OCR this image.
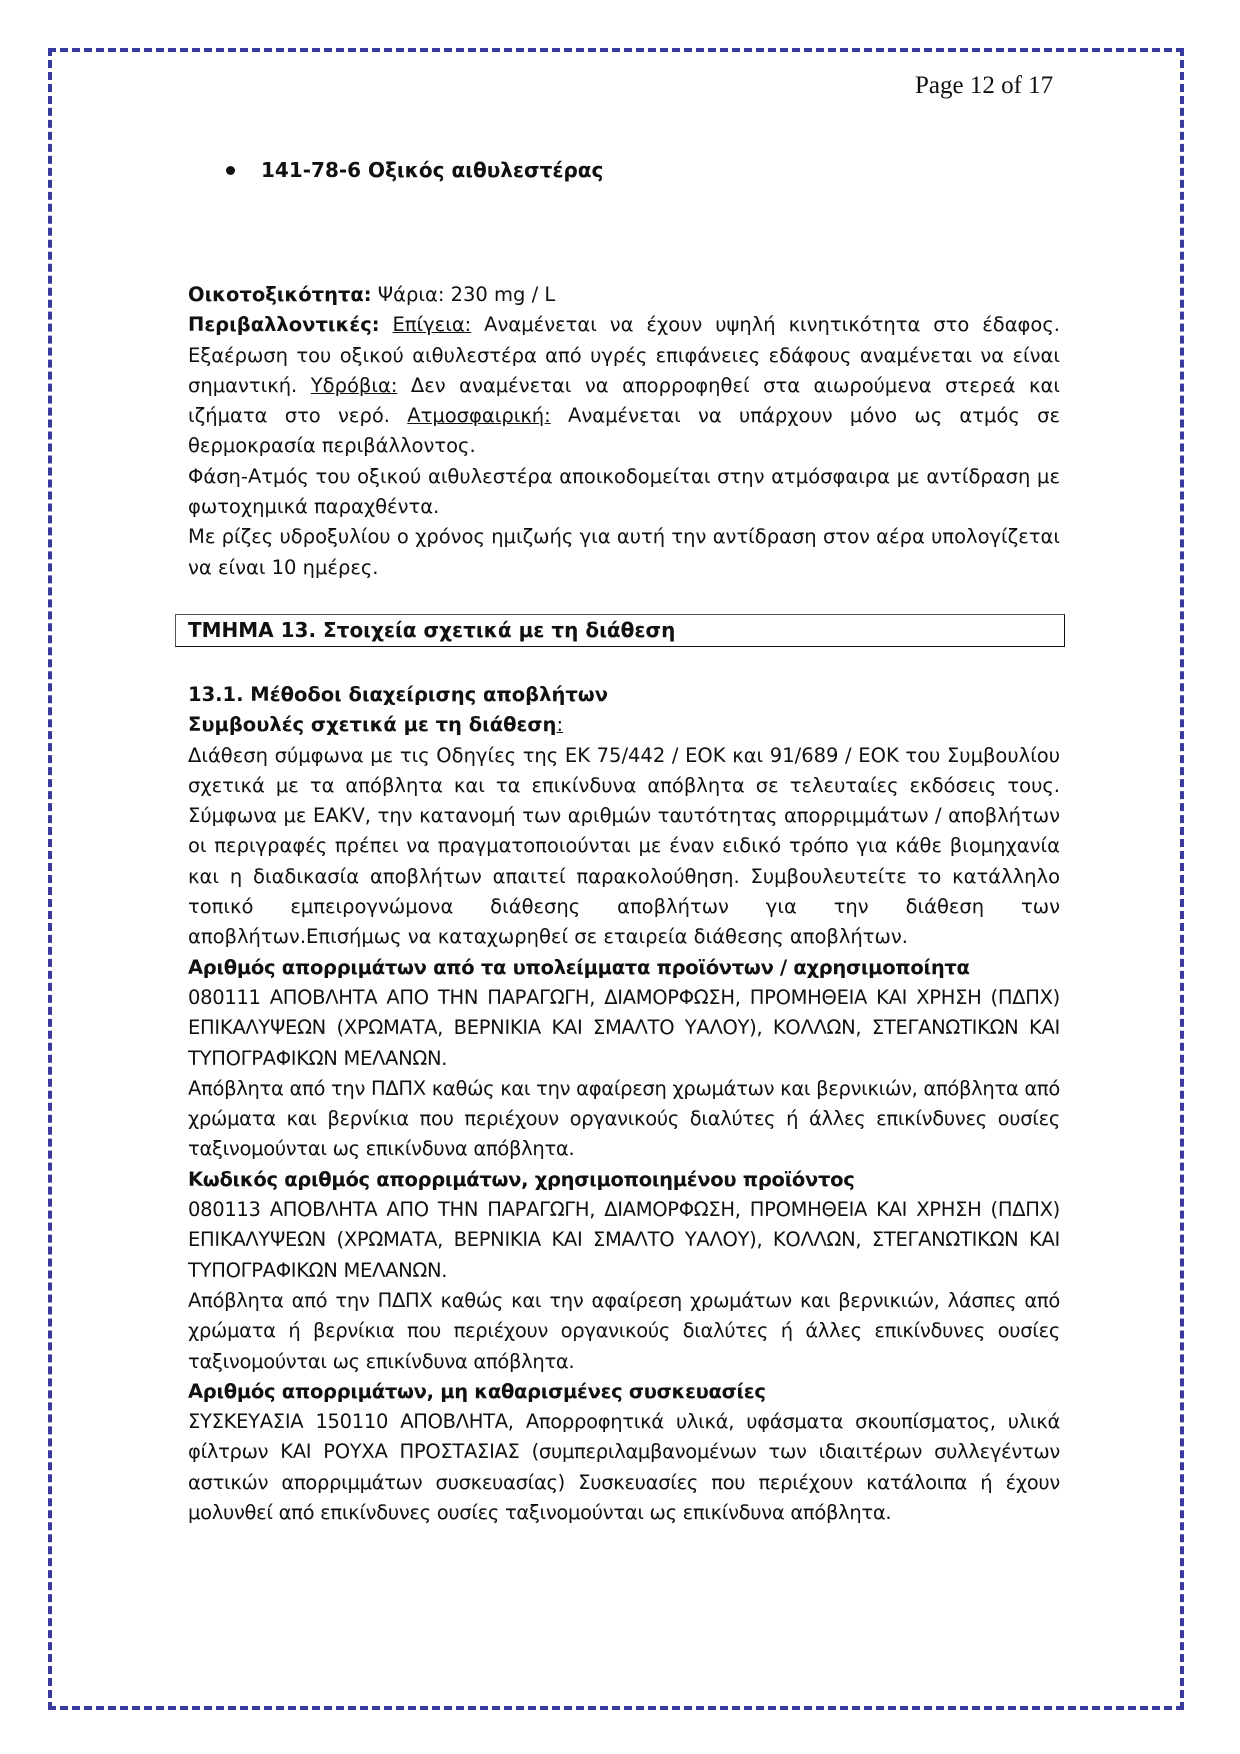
Page 12 of 17
141-78-6 Οξικός αιθυλεστέρας

Οικοτοξικότητα: Ψάρια: 230 mg / L

Περιβαλλοντικές: Επίγεια: Αναμένεται να έχουν υψηλή κινητικότητα στο έδαφος. Εξαέρωση του οξικού αιθυλεστέρα από υγρές επιφάνειες εδάφους αναμένεται να είναι σημαντική. Υδρόβια: Δεν αναμένεται να απορροφηθεί στα αιωρούμενα στερεά και ιζήματα στο νερό. Ατμοσφαιρική: Αναμένεται να υπάρχουν μόνο ως ατμός σε θερμοκρασία περιβάλλοντος.

Φάση-Ατμός του οξικού αιθυλεστέρα αποικοδομείται στην ατμόσφαιρα με αντίδραση με φωτοχημικά παραχθέντα.

Με ρίζες υδροξυλίου ο χρόνος ημιζωής για αυτή την αντίδραση στον αέρα υπολογίζεται να είναι 10 ημέρες.

ΤΜΗΜΑ 13. Στοιχεία σχετικά με τη διάθεση

13.1. Μέθοδοι διαχείρισης αποβλήτων

Συμβουλές σχετικά με τη διάθεση:

Διάθεση σύμφωνα με τις Οδηγίες της ΕΚ 75/442 / ΕΟΚ και 91/689 / ΕΟΚ του Συμβουλίου σχετικά με τα απόβλητα και τα επικίνδυνα απόβλητα σε τελευταίες εκδόσεις τους. Σύμφωνα με EAKV, την κατανομή των αριθμών ταυτότητας απορριμμάτων / αποβλήτων οι περιγραφές πρέπει να πραγματοποιούνται με έναν ειδικό τρόπο για κάθε βιομηχανία και η διαδικασία αποβλήτων απαιτεί παρακολούθηση. Συμβουλευτείτε το κατάλληλο τοπικό εμπειρογνώμονα διάθεσης αποβλήτων για την διάθεση των αποβλήτων.Επισήμως να καταχωρηθεί σε εταιρεία διάθεσης αποβλήτων.

Αριθμός απορριμάτων από τα υπολείμματα προϊόντων / αχρησιμοποίητα

080111 ΑΠΟΒΛΗΤΑ ΑΠΟ ΤΗΝ ΠΑΡΑΓΩΓΗ, ΔΙΑΜΟΡΦΩΣΗ, ΠΡΟΜΗΘΕΙΑ ΚΑΙ ΧΡΗΣΗ (ΠΔΠΧ) ΕΠΙΚΑΛΥΨΕΩΝ (ΧΡΩΜΑΤΑ, ΒΕΡΝΙΚΙΑ ΚΑΙ ΣΜΑΛΤΟ ΥΑΛΟΥ), ΚΟΛΛΩΝ, ΣΤΕΓΑΝΩΤΙΚΩΝ ΚΑΙ ΤΥΠΟΓΡΑΦΙΚΩΝ ΜΕΛΑΝΩΝ.

Απόβλητα από την ΠΔΠΧ καθώς και την αφαίρεση χρωμάτων και βερνικιών, απόβλητα από χρώματα και βερνίκια που περιέχουν οργανικούς διαλύτες ή άλλες επικίνδυνες ουσίες ταξινομούνται ως επικίνδυνα απόβλητα.

Κωδικός αριθμός απορριμάτων, χρησιμοποιημένου προϊόντος

080113 ΑΠΟΒΛΗΤΑ ΑΠΟ ΤΗΝ ΠΑΡΑΓΩΓΗ, ΔΙΑΜΟΡΦΩΣΗ, ΠΡΟΜΗΘΕΙΑ ΚΑΙ ΧΡΗΣΗ (ΠΔΠΧ) ΕΠΙΚΑΛΥΨΕΩΝ (ΧΡΩΜΑΤΑ, ΒΕΡΝΙΚΙΑ ΚΑΙ ΣΜΑΛΤΟ ΥΑΛΟΥ), ΚΟΛΛΩΝ, ΣΤΕΓΑΝΩΤΙΚΩΝ ΚΑΙ ΤΥΠΟΓΡΑΦΙΚΩΝ ΜΕΛΑΝΩΝ.

Απόβλητα από την ΠΔΠΧ καθώς και την αφαίρεση χρωμάτων και βερνικιών, λάσπες από χρώματα ή βερνίκια που περιέχουν οργανικούς διαλύτες ή άλλες επικίνδυνες ουσίες ταξινομούνται ως επικίνδυνα απόβλητα.

Αριθμός απορριμάτων, μη καθαρισμένες συσκευασίες

ΣΥΣΚΕΥΑΣΙΑ 150110 ΑΠΟΒΛΗΤΑ, Απορροφητικά υλικά, υφάσματα σκουπίσματος, υλικά φίλτρων ΚΑΙ ΡΟΥΧΑ ΠΡΟΣΤΑΣΙΑΣ (συμπεριλαμβανομένων των ιδιαιτέρων συλλεγέντων αστικών απορριμμάτων συσκευασίας) Συσκευασίες που περιέχουν κατάλοιπα ή έχουν μολυνθεί από επικίνδυνες ουσίες ταξινομούνται ως επικίνδυνα απόβλητα.
